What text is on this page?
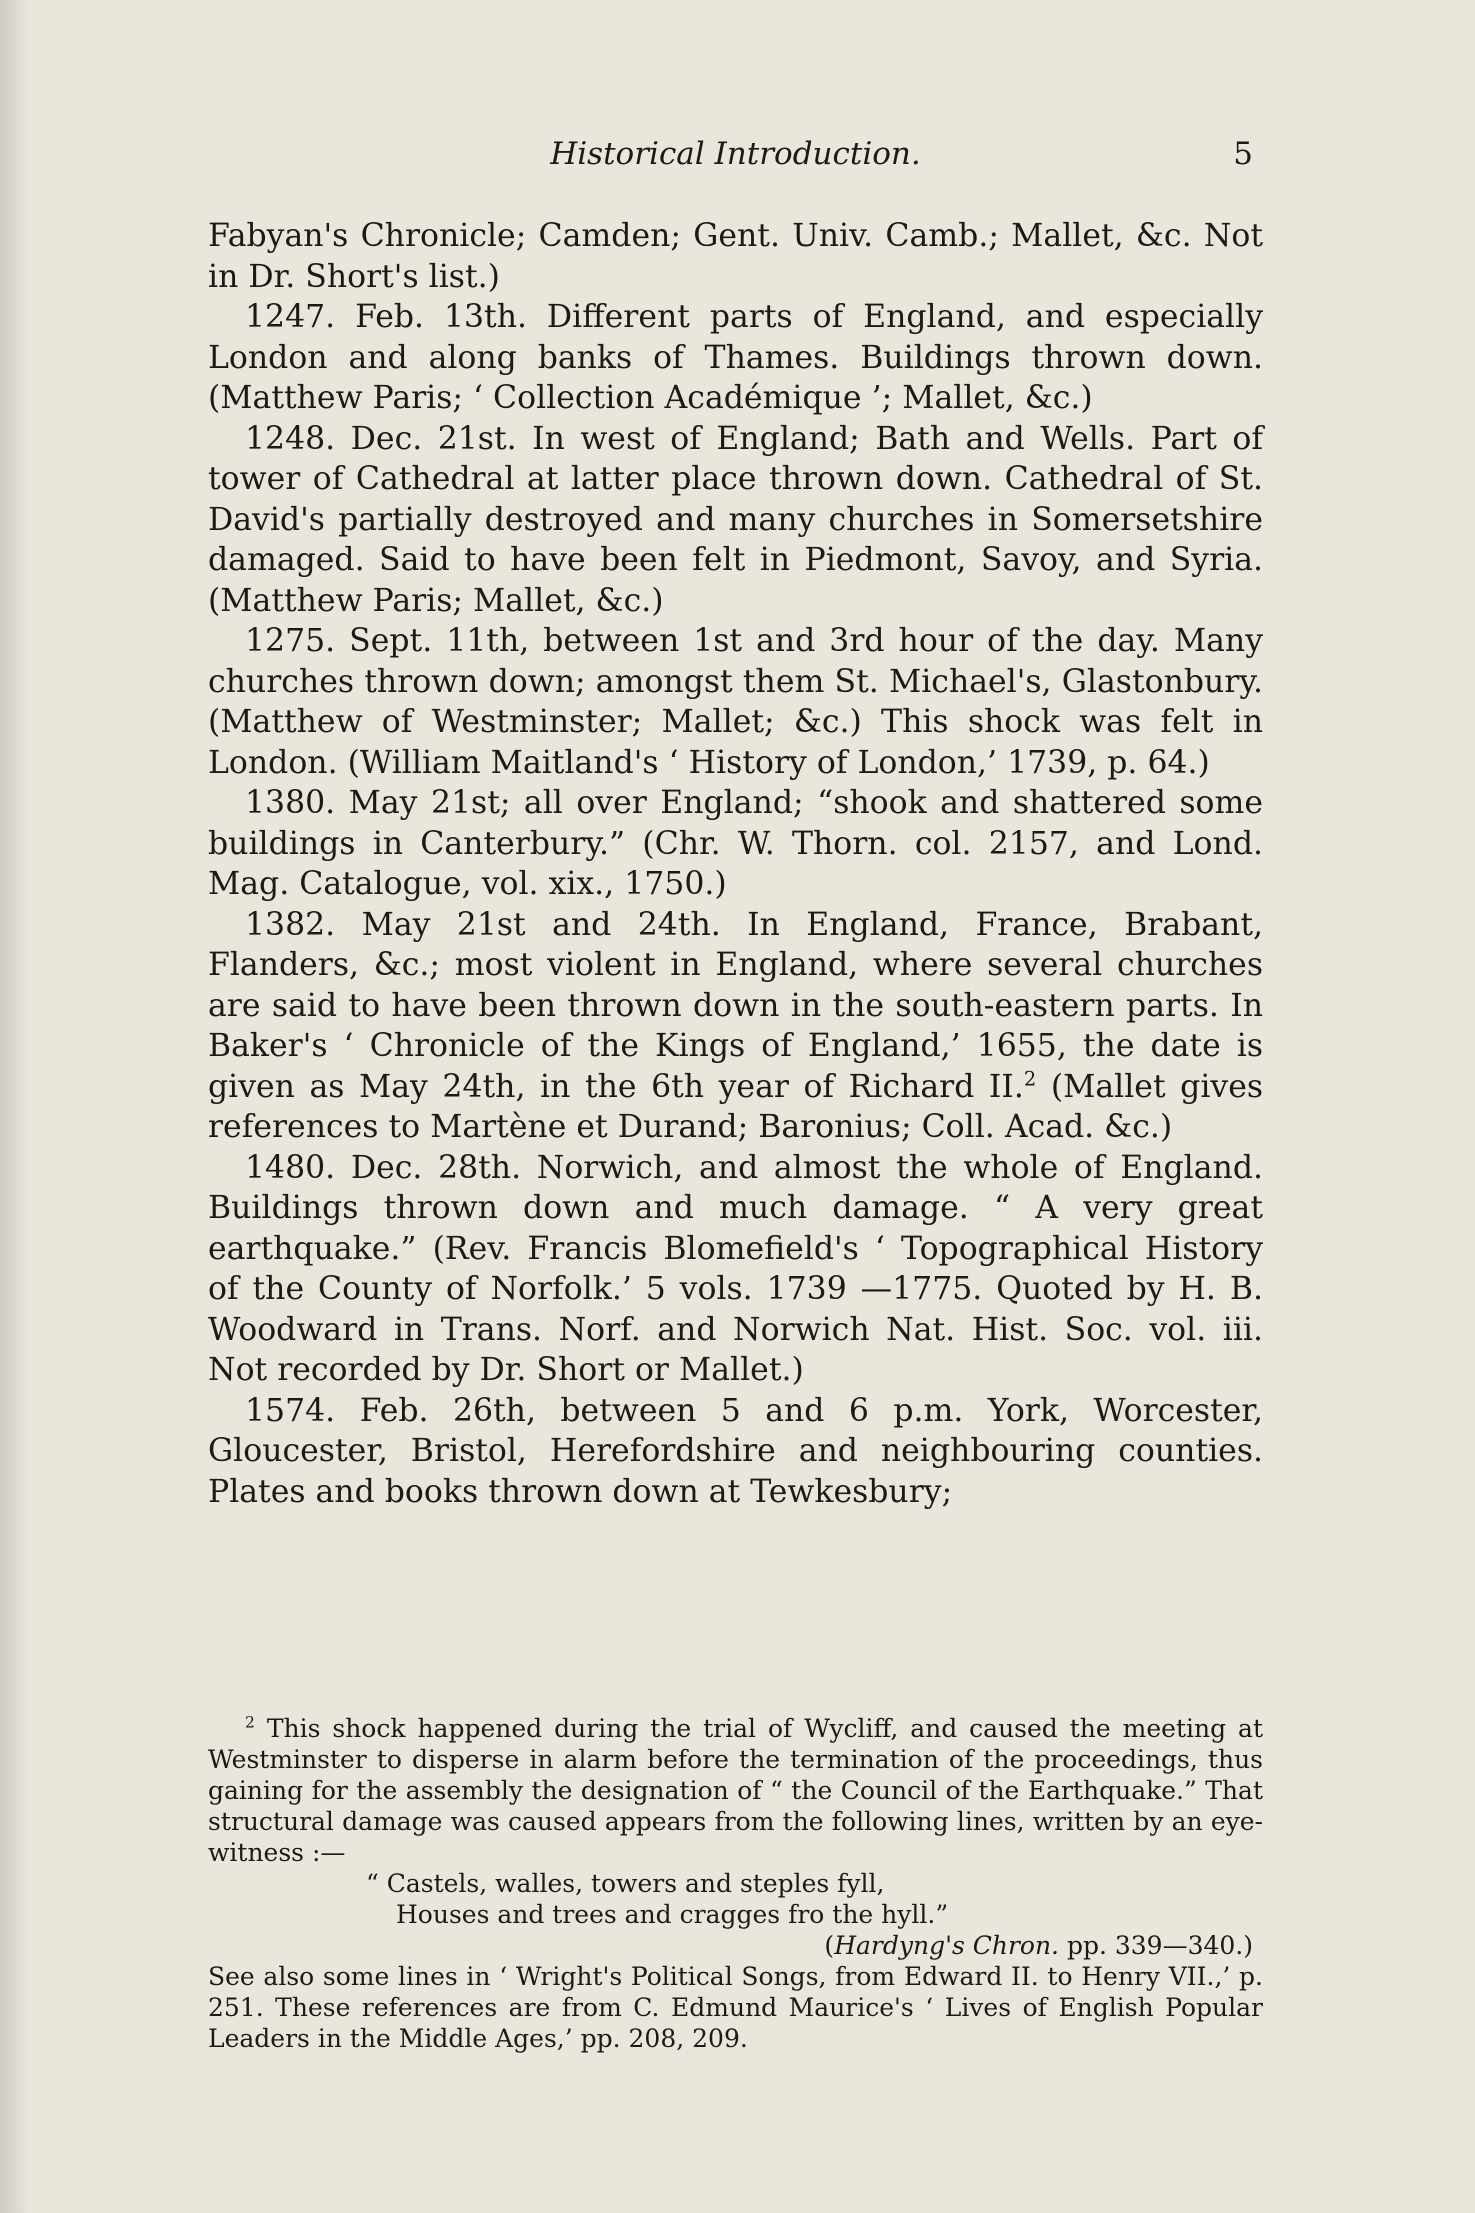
Historical Introduction.	5

Fabyan's Chronicle; Camden; Gent. Univ. Camb.; Mallet, &c. Not in Dr. Short's list.)

1247. Feb. 13th. Different parts of England, and especially London and along banks of Thames. Buildings thrown down. (Matthew Paris; ‘ Collection Académique ’; Mallet, &c.)

1248. Dec. 21st. In west of England; Bath and Wells. Part of tower of Cathedral at latter place thrown down. Cathedral of St. David's partially destroyed and many churches in Somersetshire damaged. Said to have been felt in Piedmont, Savoy, and Syria. (Matthew Paris; Mallet, &c.)

1275. Sept. 11th, between 1st and 3rd hour of the day. Many churches thrown down; amongst them St. Michael's, Glastonbury. (Matthew of Westminster; Mallet; &c.) This shock was felt in London. (William Maitland's ‘ History of London,’ 1739, p. 64.)

1380. May 21st; all over England; “shook and shattered some buildings in Canterbury.” (Chr. W. Thorn. col. 2157, and Lond. Mag. Catalogue, vol. xix., 1750.)

1382. May 21st and 24th. In England, France, Brabant, Flanders, &c.; most violent in England, where several churches are said to have been thrown down in the south-eastern parts. In Baker's ‘ Chronicle of the Kings of England,’ 1655, the date is given as May 24th, in the 6th year of Richard II.$^2$ (Mallet gives references to Martène et Durand; Baronius; Coll. Acad. &c.)

1480. Dec. 28th. Norwich, and almost the whole of England. Buildings thrown down and much damage. “ A very great earthquake.” (Rev. Francis Blomefield's ‘ Topographical History of the County of Norfolk.’ 5 vols. 1739 —1775. Quoted by H. B. Woodward in Trans. Norf. and Norwich Nat. Hist. Soc. vol. iii. Not recorded by Dr. Short or Mallet.)

1574. Feb. 26th, between 5 and 6 p.m. York, Worcester, Gloucester, Bristol, Herefordshire and neighbouring counties. Plates and books thrown down at Tewkesbury;

$^2$ This shock happened during the trial of Wycliff, and caused the meeting at Westminster to disperse in alarm before the termination of the proceedings, thus gaining for the assembly the designation of “ the Council of the Earthquake.” That structural damage was caused appears from the following lines, written by an eye-witness :—

“ Castels, walles, towers and steples fyll,
Houses and trees and cragges fro the hyll.”
(Hardyng's Chron. pp. 339—340.)

See also some lines in ‘ Wright's Political Songs, from Edward II. to Henry VII.,’ p. 251. These references are from C. Edmund Maurice's ‘ Lives of English Popular Leaders in the Middle Ages,’ pp. 208, 209.
